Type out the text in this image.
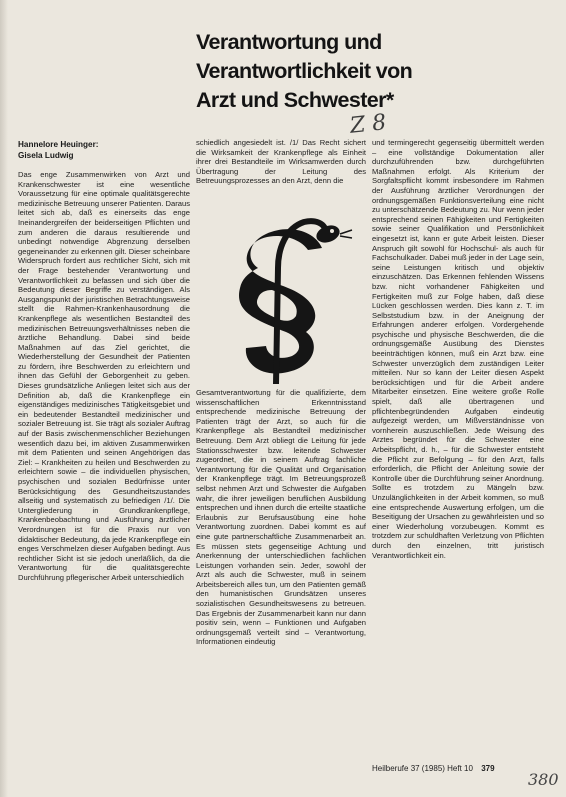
Verantwortung und
Verantwortlichkeit von
Arzt und Schwester*
Z 8
Hannelore Heuinger:
Gisela Ludwig

Das enge Zusammenwirken von Arzt und Krankenschwester ist eine wesentliche Voraussetzung für eine optimale qualitätsgerechte medizinische Betreuung unserer Patienten. Daraus leitet sich ab, daß es einerseits das enge Ineinandergreifen der beiderseitigen Pflichten und zum anderen die daraus resultierende und unbedingt notwendige Abgrenzung derselben gegeneinander zu erkennen gilt. Dieser scheinbare Widerspruch fordert aus rechtlicher Sicht, sich mit der Frage bestehender Verantwortung und Verantwortlichkeit zu befassen und sich über die Bedeutung dieser Begriffe zu verständigen. Als Ausgangspunkt der juristischen Betrachtungsweise stellt die Rahmen-Krankenhausordnung die Krankenpflege als wesentlichen Bestandteil des medizinischen Betreuungsverhältnisses neben die ärztliche Behandlung. Dabei sind beide Maßnahmen auf das Ziel gerichtet, die Wiederherstellung der Gesundheit der Patienten zu fördern, ihre Beschwerden zu erleichtern und ihnen das Gefühl der Geborgenheit zu geben. Dieses grundsätzliche Anliegen leitet sich aus der Definition ab, daß die Krankenpflege ein eigenständiges medizinisches Tätigkeitsgebiet und ein bedeutender Bestandteil medizinischer und sozialer Betreuung ist. Sie trägt als sozialer Auftrag auf der Basis zwischenmenschlicher Beziehungen wesentlich dazu bei, im aktiven Zusammenwirken mit dem Patienten und seinen Angehörigen das Ziel: – Krankheiten zu heilen und Beschwerden zu erleichtern sowie – die individuellen physischen, psychischen und sozialen Bedürfnisse unter Berücksichtigung des Gesundheitszustandes allseitig und systematisch zu befriedigen /1/. Die Untergliederung in Grundkrankenpflege, Krankenbeobachtung und Ausführung ärztlicher Verordnungen ist für die Praxis nur von didaktischer Bedeutung, da jede Krankenpflege ein enges Verschmelzen dieser Aufgaben bedingt. Aus rechtlicher Sicht ist sie jedoch unerläßlich, da die Verantwortung für die qualitätsgerechte Durchführung pflegerischer Arbeit unterschiedlich

schiedlich angesiedelt ist. /1/ Das Recht sichert die Wirksamkeit der Krankenpflege als Einheit ihrer drei Bestandteile im Wirksamwerden durch Übertragung der Leitung des Betreuungsprozesses an den Arzt, denn die

Gesamtverantwortung für die qualifizierte, dem wissenschaftlichen Erkenntnisstand entsprechende medizinische Betreuung der Patienten trägt der Arzt, so auch für die Krankenpflege als Bestandteil medizinischer Betreuung. Dem Arzt obliegt die Leitung für jede Stationsschwester bzw. leitende Schwester zugeordnet, die in seinem Auftrag fachliche Verantwortung für die Qualität und Organisation der Krankenpflege trägt. Im Betreuungsprozeß selbst nehmen Arzt und Schwester die Aufgaben wahr, die ihrer jeweiligen beruflichen Ausbildung entsprechen und ihnen durch die erteilte staatliche Erlaubnis zur Berufsausübung eine hohe Verantwortung zuordnen. Dabei kommt es auf eine gute partnerschaftliche Zusammenarbeit an. Es müssen stets gegenseitige Achtung und Anerkennung der unterschiedlichen fachlichen Leistungen vorhanden sein. Jeder, sowohl der Arzt als auch die Schwester, muß in seinem Arbeitsbereich alles tun, um den Patienten gemäß den humanistischen Grundsätzen unseres sozialistischen Gesundheitswesens zu betreuen. Das Ergebnis der Zusammenarbeit kann nur dann positiv sein, wenn – Funktionen und Aufgaben ordnungsgemäß verteilt sind – Verantwortung, Informationen eindeutig

und termingerecht gegenseitig übermittelt werden – eine vollständige Dokumentation aller durchzuführenden bzw. durchgeführten Maßnahmen erfolgt. Als Kriterium der Sorgfaltspflicht kommt insbesondere im Rahmen der Ausführung ärztlicher Verordnungen der ordnungsgemäßen Funktionsverteilung eine nicht zu unterschätzende Bedeutung zu. Nur wenn jeder entsprechend seinen Fähigkeiten und Fertigkeiten sowie seiner Qualifikation und Persönlichkeit eingesetzt ist, kann er gute Arbeit leisten. Dieser Anspruch gilt sowohl für Hochschul- als auch für Fachschulkader. Dabei muß jeder in der Lage sein, seine Leistungen kritisch und objektiv einzuschätzen. Das Erkennen fehlenden Wissens bzw. nicht vorhandener Fähigkeiten und Fertigkeiten muß zur Folge haben, daß diese Lücken geschlossen werden. Dies kann z. T. im Selbststudium bzw. in der Aneignung der Erfahrungen anderer erfolgen. Vordergehende psychische und physische Beschwerden, die die ordnungsgemäße Ausübung des Dienstes beeinträchtigen können, muß ein Arzt bzw. eine Schwester unverzüglich dem zuständigen Leiter mitteilen. Nur so kann der Leiter diesen Aspekt berücksichtigen und für die Arbeit andere Mitarbeiter einsetzen. Eine weitere große Rolle spielt, daß alle übertragenen und pflichtenbegründenden Aufgaben eindeutig aufgezeigt werden, um Mißverständnisse von vornherein auszuschließen. Jede Weisung des Arztes begründet für die Schwester eine Arbeitspflicht, d. h., – für die Schwester entsteht die Pflicht zur Befolgung – für den Arzt, falls erforderlich, die Pflicht der Anleitung sowie der Kontrolle über die Durchführung seiner Anordnung. Sollte es trotzdem zu Mängeln bzw. Unzulänglichkeiten in der Arbeit kommen, so muß eine entsprechende Auswertung erfolgen, um die Beseitigung der Ursachen zu gewährleisten und so einer Wiederholung vorzubeugen. Kommt es trotzdem zur schuldhaften Verletzung von Pflichten durch den einzelnen, tritt juristisch Verantwortlichkeit ein.

Heilberufe 37 (1985) Heft 10 379
380
